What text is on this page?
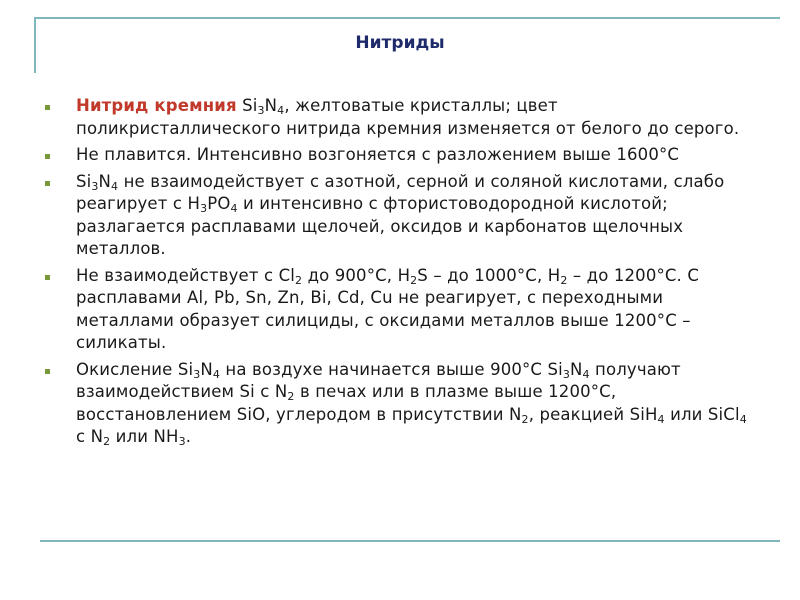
Нитриды
Нитрид кремния $Si_3N_4$, желтоватые кристаллы; цвет поликристаллического нитрида кремния изменяется от белого до серого.
Не плавится. Интенсивно возгоняется с разложением выше 1600°С
$Si_3N_4$ не взаимодействует с азотной, серной и соляной кислотами, слабо реагирует с $H_3PO_4$ и интенсивно с фтористоводородной кислотой; разлагается расплавами щелочей, оксидов и карбонатов щелочных металлов.
Не взаимодействует с $Cl_2$ до 900°С, $H_2S$ – до 1000°С, $H_2$ – до 1200°С. С расплавами Al, Pb, Sn, Zn, Bi, Cd, Cu не реагирует, с переходными металлами образует силициды, с оксидами металлов выше 1200°С – силикаты.
Окисление $Si_3N_4$ на воздухе начинается выше 900°С $Si_3N_4$ получают взаимодействием Si с $N_2$ в печах или в плазме выше 1200°С, восстановлением SiO, углеродом в присутствии $N_2$, реакцией SiH$_4$ или SiCl$_4$ с $N_2$ или $NH_3$.
